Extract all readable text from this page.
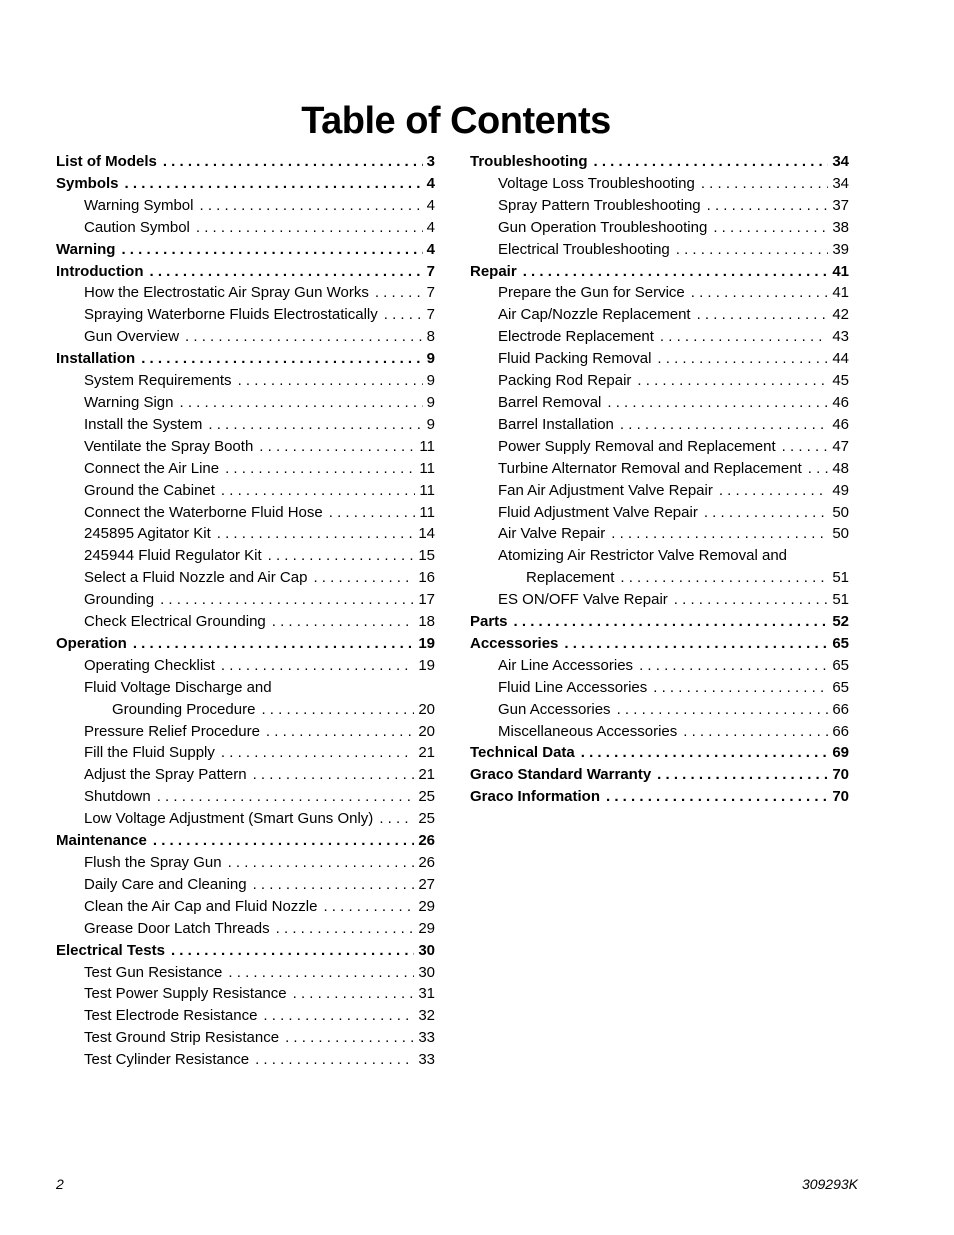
Table of Contents
List of Models . . .	3
Symbols . . .	4
Warning Symbol . . .	4
Caution Symbol . . .	4
Warning . . .	4
Introduction . . .	7
How the Electrostatic Air Spray Gun Works . . .	7
Spraying Waterborne Fluids Electrostatically . . .	7
Gun Overview . . .	8
Installation . . .	9
System Requirements . . .	9
Warning Sign . . .	9
Install the System . . .	9
Ventilate the Spray Booth . . .	11
Connect the Air Line . . .	11
Ground the Cabinet . . .	11
Connect the Waterborne Fluid Hose . . .	11
245895 Agitator Kit . . .	14
245944 Fluid Regulator Kit . . .	15
Select a Fluid Nozzle and Air Cap . . .	16
Grounding . . .	17
Check Electrical Grounding . . .	18
Operation . . .	19
Operating Checklist . . .	19
Fluid Voltage Discharge and
Grounding Procedure . . .	20
Pressure Relief Procedure . . .	20
Fill the Fluid Supply . . .	21
Adjust the Spray Pattern . . .	21
Shutdown . . .	25
Low Voltage Adjustment (Smart Guns Only) . . .	25
Maintenance . . .	26
Flush the Spray Gun . . .	26
Daily Care and Cleaning . . .	27
Clean the Air Cap and Fluid Nozzle . . .	29
Grease Door Latch Threads . . .	29
Electrical Tests . . .	30
Test Gun Resistance . . .	30
Test Power Supply Resistance . . .	31
Test Electrode Resistance . . .	32
Test Ground Strip Resistance . . .	33
Test Cylinder Resistance . . .	33
Troubleshooting . . .	34
Voltage Loss Troubleshooting . . .	34
Spray Pattern Troubleshooting . . .	37
Gun Operation Troubleshooting . . .	38
Electrical Troubleshooting . . .	39
Repair . . .	41
Prepare the Gun for Service . . .	41
Air Cap/Nozzle Replacement . . .	42
Electrode Replacement . . .	43
Fluid Packing Removal . . .	44
Packing Rod Repair . . .	45
Barrel Removal . . .	46
Barrel Installation . . .	46
Power Supply Removal and Replacement . . .	47
Turbine Alternator Removal and Replacement . . . 48
Fan Air Adjustment Valve Repair . . .	49
Fluid Adjustment Valve Repair . . .	50
Air Valve Repair . . .	50
Atomizing Air Restrictor Valve Removal and
Replacement . . .	51
ES ON/OFF Valve Repair . . .	51
Parts . . .	52
Accessories . . .	65
Air Line Accessories . . .	65
Fluid Line Accessories . . .	65
Gun Accessories . . .	66
Miscellaneous Accessories . . .	66
Technical Data . . .	69
Graco Standard Warranty . . .	70
Graco Information . . .	70
2	309293K
